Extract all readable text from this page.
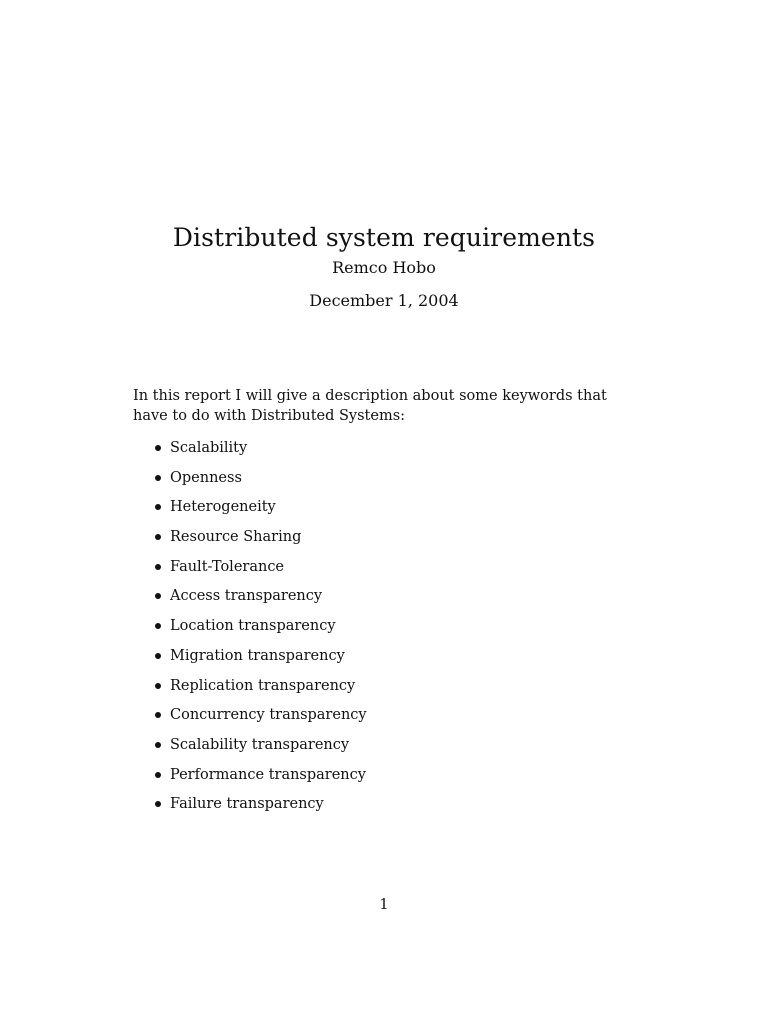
Distributed system requirements
Remco Hobo
December 1, 2004

In this report I will give a description about some keywords that have to do with Distributed Systems:

Scalability
Openness
Heterogeneity
Resource Sharing
Fault-Tolerance
Access transparency
Location transparency
Migration transparency
Replication transparency
Concurrency transparency
Scalability transparency
Performance transparency
Failure transparency
1
